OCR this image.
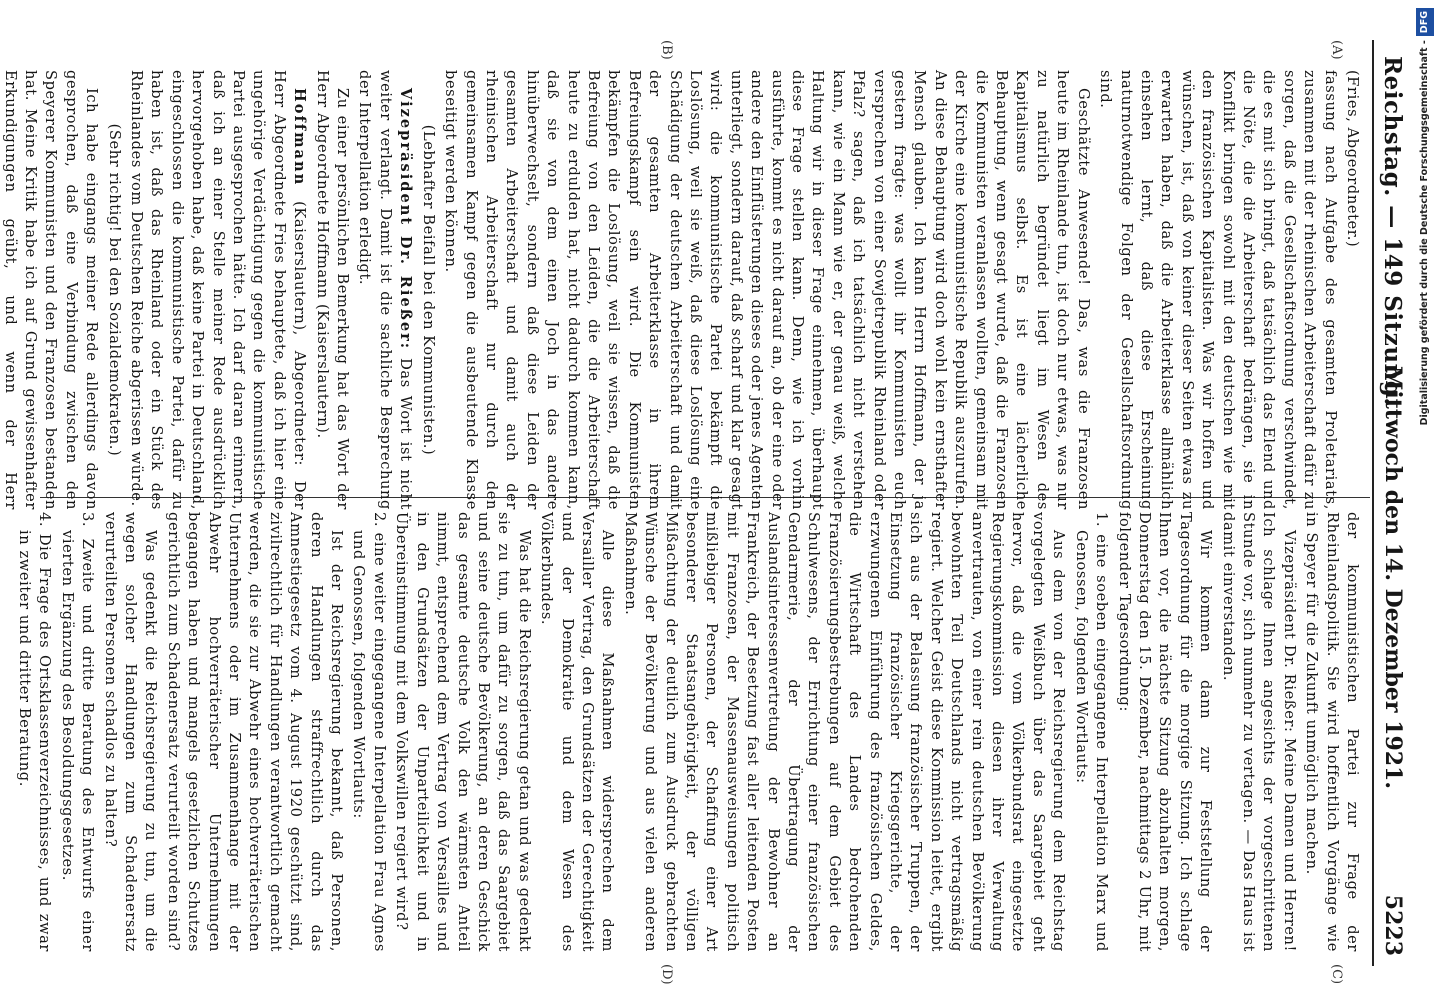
Reichstag. — 149 Sitzung.
Mittwoch den 14. Dezember 1921.
5223
(A)
(B)
(C)
(D)

(Fries, Abgeordneter.)

fassung nach Aufgabe des gesamten Proletariats, zusammen mit der rheinischen Arbeiterschaft dafür zu sorgen, daß die Gesellschaftsordnung verschwindet, die es mit sich bringt, daß tatsächlich das Elend und die Nöte, die die Arbeiterschaft bedrängen, sie in Konflikt bringen sowohl mit den deutschen wie mit den französischen Kapitalisten. Was wir hoffen und wünschen, ist, daß von keiner dieser Seiten etwas zu erwarten haben, daß die Arbeiterklasse allmählich einsehen lernt, daß diese Erscheinung naturnotwendige Folgen der Gesellschaftsordnung sind.

Geschätzte Anwesende! Das, was die Franzosen heute im Rheinlande tun, ist doch nur etwas, was nur zu natürlich begründet liegt im Wesen des Kapitalismus selbst. Es ist eine lächerliche Behauptung, wenn gesagt wurde, daß die Franzosen die Kommunisten veranlassen wollten, gemeinsam mit der Kirche eine kommunistische Republik auszurufen. An diese Behauptung wird doch wohl kein ernsthafter Mensch glauben. Ich kann Herrn Hoffmann, der ja gestern fragte: was wollt ihr Kommunisten euch versprechen von einer Sowjetrepublik Rheinland oder Pfalz? sagen, daß ich tatsächlich nicht verstehen kann, wie ein Mann wie er, der genau weiß, welche Haltung wir in dieser Frage einnehmen, überhaupt diese Frage stellen kann. Denn, wie ich vorhin ausführte, kommt es nicht darauf an, ob der eine oder andere den Einflüsterungen dieses oder jenes Agenten unterliegt, sondern darauf, daß scharf und klar gesagt wird: die kommunistische Partei bekämpft die Loslösung, weil sie weiß, daß diese Loslösung eine Schädigung der deutschen Arbeiterschaft und damit der gesamten Arbeiterklasse in ihrem Befreiungskampf sein wird. Die Kommunisten bekämpfen die Loslösung, weil sie wissen, daß die Befreiung von den Leiden, die die Arbeiterschaft heute zu erdulden hat, nicht dadurch kommen kann, daß sie von dem einen Joch in das andere hinüberwechselt, sondern daß diese Leiden der gesamten Arbeiterschaft und damit auch der rheinischen Arbeiterschaft nur durch den gemeinsamen Kampf gegen die ausbeutende Klasse beseitigt werden können.

(Lebhafter Beifall bei den Kommunisten.)

Vizepräsident Dr. Rießer: Das Wort ist nicht weiter verlangt. Damit ist die sachliche Besprechung der Interpellation erledigt.

Zu einer persönlichen Bemerkung hat das Wort der Herr Abgeordnete Hoffmann (Kaiserslautern).

Hoffmann (Kaiserslautern), Abgeordneter: Der Herr Abgeordnete Fries behauptete, daß ich hier eine ungehörige Verdächtigung gegen die kommunistische Partei ausgesprochen hätte. Ich darf daran erinnern, daß ich an einer Stelle meiner Rede ausdrücklich hervorgehoben habe, daß keine Partei in Deutschland, eingeschlossen die kommunistische Partei, dafür zu haben ist, daß das Rheinland oder ein Stück des Rheinlandes vom Deutschen Reiche abgerissen würde.

(Sehr richtig! bei den Sozialdemokraten.)

Ich habe eingangs meiner Rede allerdings davon gesprochen, daß eine Verbindung zwischen den Speyerer Kommunisten und den Franzosen bestanden hat. Meine Kritik habe ich auf Grund gewissenhafter Erkundigungen geübt, und wenn der Herr

der kommunistischen Partei zur Frage der Rheinlandspolitik. Sie wird hoffentlich Vorgänge wie in Speyer für die Zukunft unmöglich machen.

Vizepräsident Dr. Rießer: Meine Damen und Herren! Ich schlage Ihnen angesichts der vorgeschrittenen Stunde vor, sich nunmehr zu vertagen. — Das Haus ist damit einverstanden.

Wir kommen dann zur Feststellung der Tagesordnung für die morgige Sitzung. Ich schlage Ihnen vor, die nächste Sitzung abzuhalten morgen, Donnerstag den 15. Dezember, nachmittags 2 Uhr, mit folgender Tagesordnung:

1. eine soeben eingegangene Interpellation Marx und Genossen, folgenden Wortlauts:

Aus dem von der Reichsregierung dem Reichstag vorgelegten Weißbuch über das Saargebiet geht hervor, daß die vom Völkerbundsrat eingesetzte Regierungskommission diesen ihrer Verwaltung anvertrauten, von einer rein deutschen Bevölkerung bewohnten Teil Deutschlands nicht vertragsmäßig regiert. Welcher Geist diese Kommission leitet, ergibt sich aus der Belassung französischer Truppen, der Einsetzung französischer Kriegsgerichte, der erzwungenen Einführung des französischen Geldes, die Wirtschaft des Landes bedrohenden Französierungsbestrebungen auf dem Gebiet des Schulwesens, der Errichtung einer französischen Gendarmerie, der Übertragung der Auslandsinteressenvertretung der Bewohner an Frankreich, der Besetzung fast aller leitenden Posten mit Franzosen, der Massenausweisungen politisch mißliebiger Personen, der Schaffung einer Art besonderer Staatsangehörigkeit, der völligen Mißachtung der deutlich zum Ausdruck gebrachten Wünsche der Bevölkerung und aus vielen anderen Maßnahmen.

Alle diese Maßnahmen widersprechen dem Versailler Vertrag, den Grundsätzen der Gerechtigkeit und der Demokratie und dem Wesen des Völkerbundes.

Was hat die Reichsregierung getan und was gedenkt sie zu tun, um dafür zu sorgen, daß das Saargebiet und seine deutsche Bevölkerung, an deren Geschick das gesamte deutsche Volk den wärmsten Anteil nimmt, entsprechend dem Vertrag von Versailles und in den Grundsätzen der Unparteilichkeit und in Übereinstimmung mit dem Volkswillen regiert wird?

2. eine weiter eingegangene Interpellation Frau Agnes und Genossen, folgenden Wortlauts:

Ist der Reichsregierung bekannt, daß Personen, deren Handlungen straffrechtlich durch das Amnestiegesetz vom 4. August 1920 geschützt sind, zivilrechtlich für Handlungen verantwortlich gemacht werden, die sie zur Abwehr eines hochverräterischen Unternehmens oder im Zusammenhange mit der Abwehr hochverräterischer Unternehmungen begangen haben und mangels gesetzlichen Schutzes gerichtlich zum Schadenersatz verurteilt worden sind?

Was gedenkt die Reichsregierung zu tun, um die wegen solcher Handlungen zum Schadenersatz verurteilten Personen schadlos zu halten?

3. Zweite und dritte Beratung des Entwurfs einer vierten Ergänzung des Besoldungsgesetzes.

4. Die Frage des Ortsklassenverzeichnisses, und zwar in zweiter und dritter Beratung.

Digitalisierung gefördert durch die Deutsche Forschungsgemeinschaft -DFG
